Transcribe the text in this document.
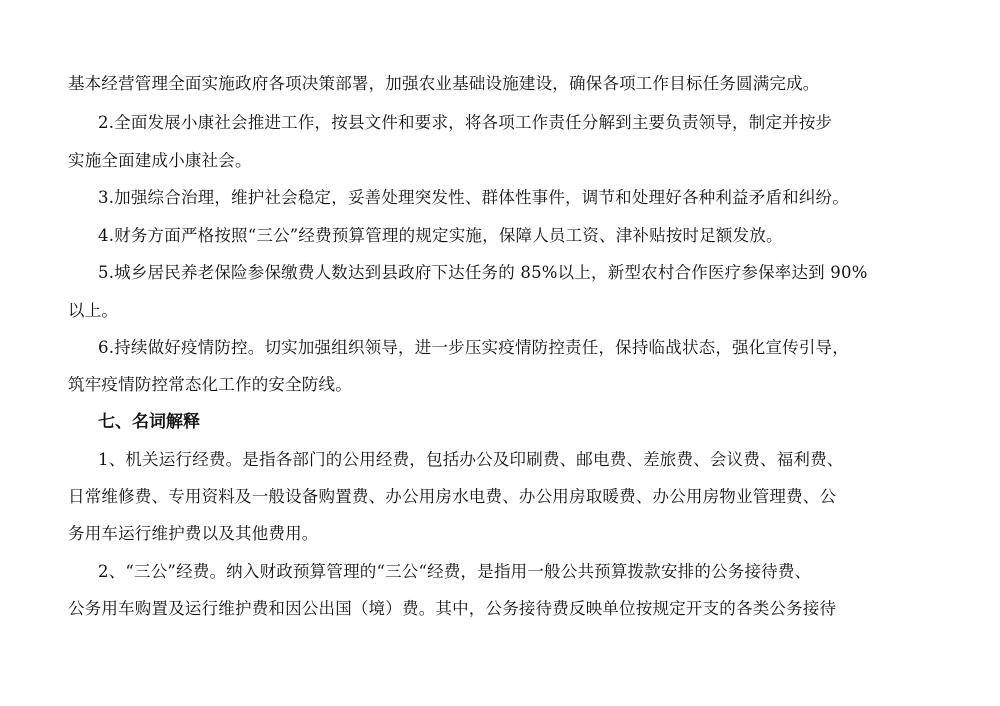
基本经营管理全面实施政府各项决策部署，加强农业基础设施建设，确保各项工作目标任务圆满完成。
2.全面发展小康社会推进工作，按县文件和要求，将各项工作责任分解到主要负责领导，制定并按步
实施全面建成小康社会。
3.加强综合治理，维护社会稳定，妥善处理突发性、群体性事件，调节和处理好各种利益矛盾和纠纷。
4.财务方面严格按照“三公”经费预算管理的规定实施，保障人员工资、津补贴按时足额发放。
5.城乡居民养老保险参保缴费人数达到县政府下达任务的 85%以上，新型农村合作医疗参保率达到 90%
以上。
6.持续做好疫情防控。切实加强组织领导，进一步压实疫情防控责任，保持临战状态，强化宣传引导，
筑牢疫情防控常态化工作的安全防线。
七、名词解释
1、机关运行经费。是指各部门的公用经费，包括办公及印刷费、邮电费、差旅费、会议费、福利费、
日常维修费、专用资料及一般设备购置费、办公用房水电费、办公用房取暖费、办公用房物业管理费、公
务用车运行维护费以及其他费用。
2、“三公”经费。纳入财政预算管理的“三公“经费，是指用一般公共预算拨款安排的公务接待费、
公务用车购置及运行维护费和因公出国（境）费。其中，公务接待费反映单位按规定开支的各类公务接待
